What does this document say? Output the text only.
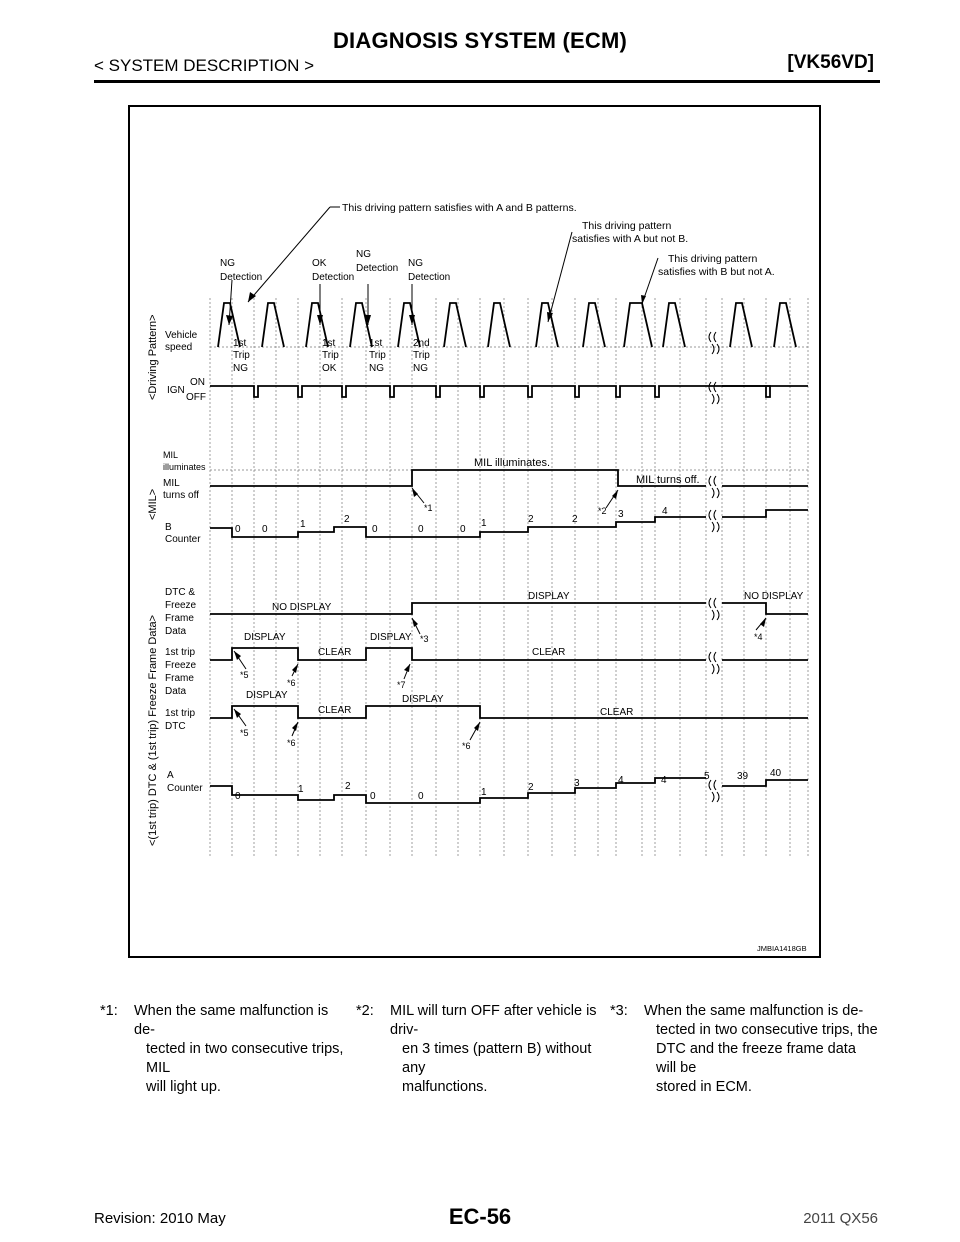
DIAGNOSIS SYSTEM (ECM)
< SYSTEM DESCRIPTION >	[VK56VD]
This driving pattern satisfies with A and B patterns.
This driving pattern
satisfies with A but not B.
This driving pattern
satisfies with B but not A.
NG
Detection
OK
Detection
NG
Detection NG
Detection
1st
Trip
NG
1st
Trip
OK
1st
Trip
NG
2nd
Trip
NG
<Driving Pattern>
<MIL>
<(1st trip) DTC & (1st trip) Freeze Frame Data>
Vehicle
speed
IGN
ON
OFF
MIL
illuminates
MIL
turns off
B
Counter
DTC &
Freeze
Frame
Data
1st trip
Freeze
Frame
Data
1st trip
DTC
A
Counter
MIL illuminates.
MIL turns off.
NO DISPLAY
DISPLAY	NO DISPLAY
DISPLAY
CLEAR
DISPLAY
CLEAR
DISPLAY
CLEAR
DISPLAY
CLEAR
0 0	1	2
0	0	0
1	2	2	3	4
0
1	2
0	0	1	2	3	4	4	5	39 40
*1	*2
*3	*4
*5
*6	*7
*5
*6	*6
JMBIA1418GB
*1: When the same malfunction is de-
tected in two consecutive trips, MIL
will light up.
*2: MIL will turn OFF after vehicle is driv-
en 3 times (pattern B) without any
malfunctions.
*3: When the same malfunction is de-
tected in two consecutive trips, the
DTC and the freeze frame data will be
stored in ECM.
Revision: 2010 May	EC-56	2011 QX56
